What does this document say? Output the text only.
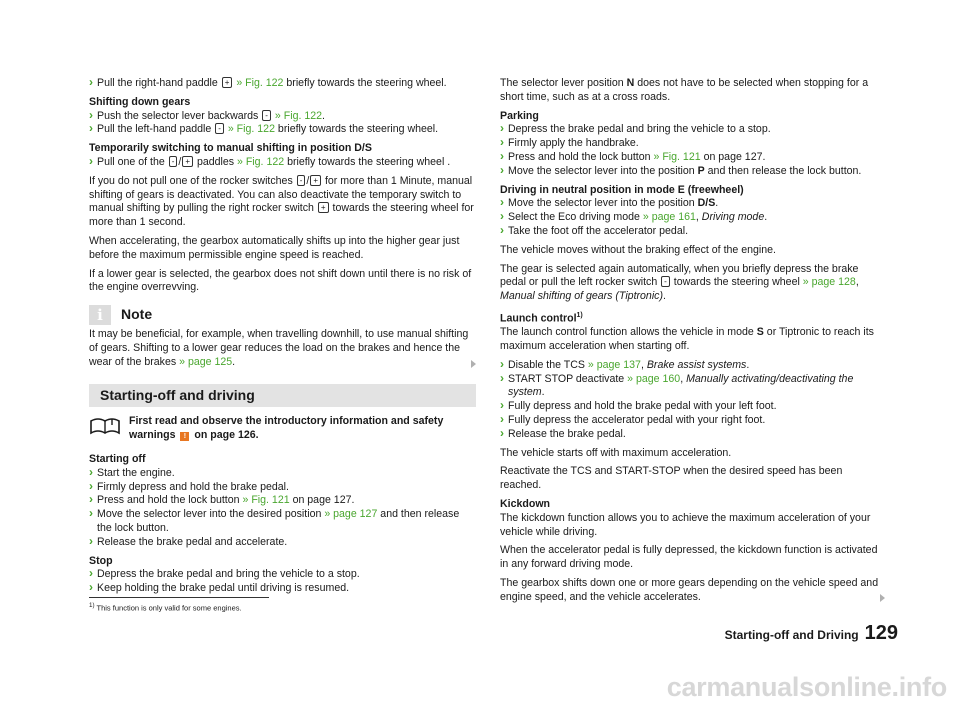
› Pull the right-hand paddle + » Fig. 122 briefly towards the steering wheel.
Shifting down gears
› Push the selector lever backwards - » Fig. 122.
› Pull the left-hand paddle - » Fig. 122 briefly towards the steering wheel.
Temporarily switching to manual shifting in position D/S
› Pull one of the - / + paddles » Fig. 122 briefly towards the steering wheel .

If you do not pull one of the rocker switches - / + for more than 1 Minute, manual shifting of gears is deactivated. You can also deactivate the temporary switch to manual shifting by pulling the right rocker switch + towards the steering wheel for more than 1 second.

When accelerating, the gearbox automatically shifts up into the higher gear just before the maximum permissible engine speed is reached.

If a lower gear is selected, the gearbox does not shift down until there is no risk of the engine overrevving.

i	Note

It may be beneficial, for example, when travelling downhill, to use manual shifting of gears. Shifting to a lower gear reduces the load on the brakes and hence the wear of the brakes » page 125.

Starting-off and driving
First read and observe the introductory information and safety warnings ! on page 126.
Starting off
› Start the engine.
› Firmly depress and hold the brake pedal.
› Press and hold the lock button » Fig. 121 on page 127.
› Move the selector lever into the desired position » page 127 and then release the lock button.
› Release the brake pedal and accelerate.
Stop
› Depress the brake pedal and bring the vehicle to a stop.
› Keep holding the brake pedal until driving is resumed.

The selector lever position N does not have to be selected when stopping for a short time, such as at a cross roads.

Parking
› Depress the brake pedal and bring the vehicle to a stop.
› Firmly apply the handbrake.
› Press and hold the lock button » Fig. 121 on page 127.
› Move the selector lever into the position P and then release the lock button.
Driving in neutral position in mode E (freewheel)
› Move the selector lever into the position D/S.
› Select the Eco driving mode » page 161, Driving mode.
› Take the foot off the accelerator pedal.

The vehicle moves without the braking effect of the engine.

The gear is selected again automatically, when you briefly depress the brake pedal or pull the left rocker switch - towards the steering wheel » page 128, Manual shifting of gears (Tiptronic).

Launch control$^{1)}$

The launch control function allows the vehicle in mode S or Tiptronic to reach its maximum acceleration when starting off.

› Disable the TCS » page 137, Brake assist systems.
› START STOP deactivate » page 160, Manually activating/deactivating the system.
› Fully depress and hold the brake pedal with your left foot.
› Fully depress the accelerator pedal with your right foot.
› Release the brake pedal.

The vehicle starts off with maximum acceleration.

Reactivate the TCS and START-STOP when the desired speed has been reached.

Kickdown

The kickdown function allows you to achieve the maximum acceleration of your vehicle while driving.

When the accelerator pedal is fully depressed, the kickdown function is activated in any forward driving mode.

The gearbox shifts down one or more gears depending on the vehicle speed and engine speed, and the vehicle accelerates.

$^{1)}$ This function is only valid for some engines.
Starting-off and Driving 129
carmanualsonline.info
